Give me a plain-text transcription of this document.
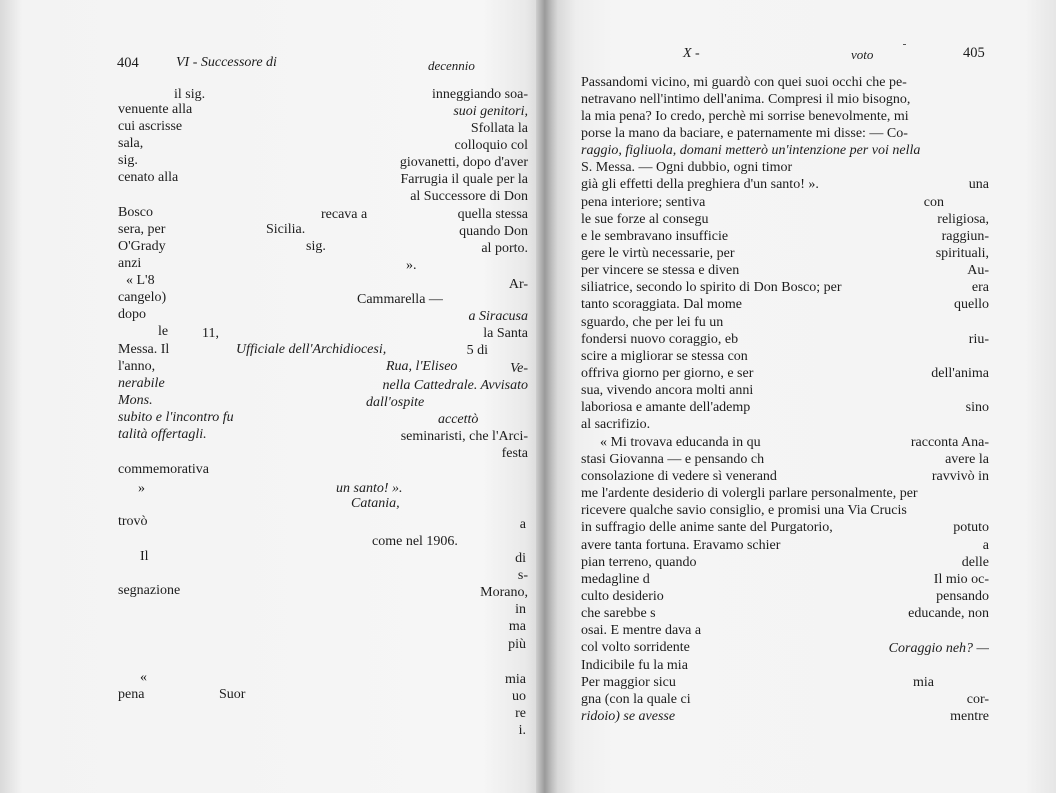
404	VI - Successore di	decennio
il sig.
venuente alla
cui ascrisse
sala,
sig.
cenato alla
Bosco
sera, per
O'Grady
anzi
« L'8
cangelo)
dopo
le 11,
Messa. Il
l'anno,
nerabile
Mons.
subito e l'incontro fu
talità offertagli.
commemorativa
»
trovò
Il
segnazione
«
pena	Suor
recava a
Sicilia.
sig.
Ufficiale dell'Archidiocesi,
un santo! ».
Catania,
inneggiando soa-
suoi genitori,
Sfollata la
colloquio col
giovanetti, dopo d'aver
Farrugia il quale per la
al Successore di Don
quella stessa
quando Don
al porto.
».
Ar-
Cammarella —
a Siracusa
la Santa
5 di
Rua, l'Eliseo	Ve-
nella Cattedrale. Avvisato
dall'ospite
accettò
seminaristi, che l'Arci-
festa
a
come nel 1906.
di
s-
Morano,
in
ma
più
mia
uo
re
i.
X -	voto	405
Passandomi vicino, mi guardò con quei suoi occhi che pe-
netravano nell'intimo dell'anima. Compresi il mio bisogno,
la mia pena? Io credo, perchè mi sorrise benevolmente, mi
porse la mano da baciare, e paternamente mi disse: — Co-
raggio, figliuola, domani metterò un'intenzione per voi nella
S. Messa. — Ogni dubbio, ogni timor
già gli effetti della preghiera d'un santo! ».
pena interiore; sentiva
le sue forze al consegu
e le sembravano insufficie
gere le virtù necessarie, per
per vincere se stessa e diven
siliatrice, secondo lo spirito di Don Bosco; per
tanto scoraggiata. Dal mome
sguardo, che per lei fu un
fondersi nuovo coraggio, eb
scire a migliorar se stessa con
offriva giorno per giorno, e ser
sua, vivendo ancora molti anni
laboriosa e amante dell'ademp
al sacrifizio.
« Mi trovava educanda in qu
stasi Giovanna — e pensando ch
consolazione di vedere sì venerand
me l'ardente desiderio di volergli parlare personalmente, per
ricevere qualche savio consiglio, e promisi una Via Crucis
in suffragio delle anime sante del Purgatorio,
avere tanta fortuna. Eravamo schier
pian terreno, quando
medagline d
culto desiderio
che sarebbe s
osai. E mentre dava a
col volto sorridente
Indicibile fu la mia
Per maggior sicu
gna (con la quale ci
ridoio) se avesse
una
con
religiosa,
raggiun-
spirituali,
Au-
era
quello
riu-
dell'anima
sino
racconta Ana-
avere la
ravvivò in
potuto
a
delle
Il mio oc-
pensando
educande, non
Coraggio neh? —
mia
cor-
mentre
